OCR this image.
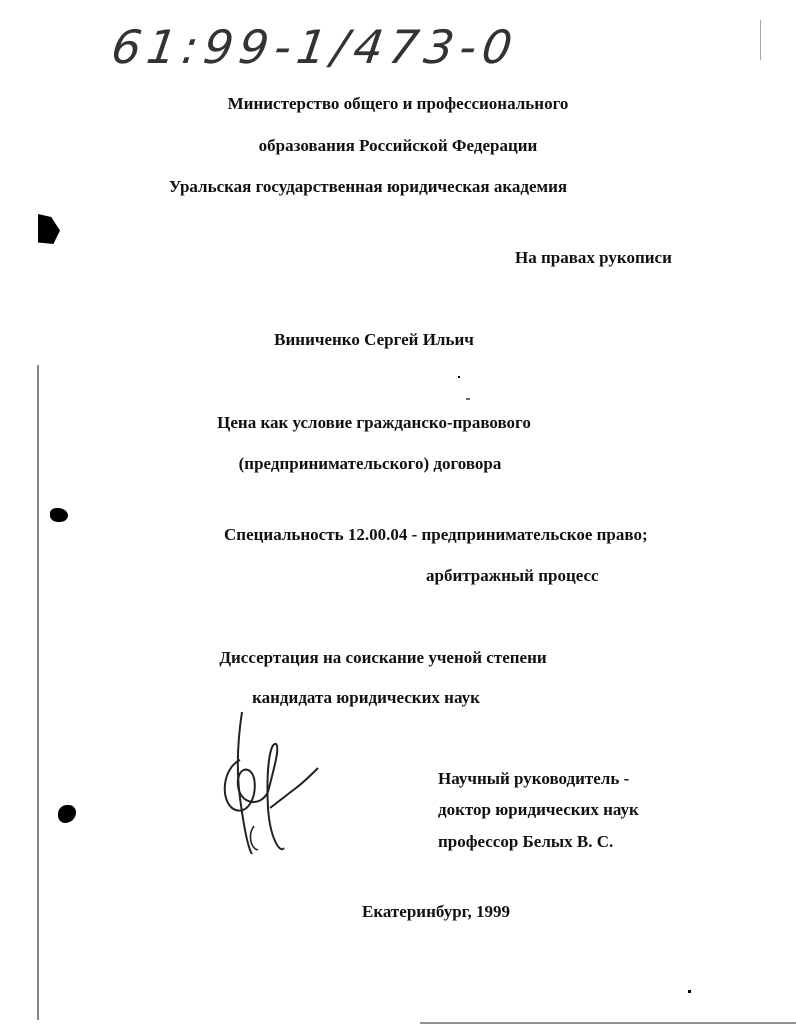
61:99-1/473-0
Министерство общего и профессионального
образования Российской Федерации
Уральская государственная юридическая академия
На правах рукописи
Виниченко Сергей Ильич
Цена как условие гражданско-правового
(предпринимательского) договора
Специальность 12.00.04 - предпринимательское право;
арбитражный процесс
Диссертация на соискание ученой степени
кандидата юридических наук
Научный руководитель -
доктор юридических наук
профессор Белых В. С.
Екатеринбург, 1999
